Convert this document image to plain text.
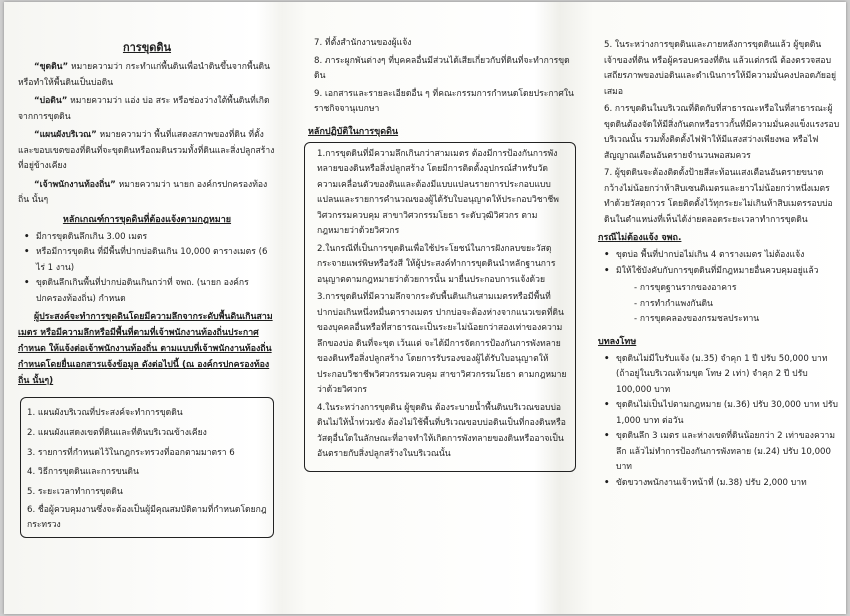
การขุดดิน

“ขุดดิน” หมายความว่า กระทำแก่พื้นดินเพื่อนำดินขึ้นจากพื้นดิน หรือทำให้พื้นดินเป็นบ่อดิน

“บ่อดิน” หมายความว่า แอ่ง บ่อ สระ หรือช่องว่างใต้พื้นดินที่เกิดจากการขุดดิน

“แผนผังบริเวณ” หมายความว่า พื้นที่แสดงสภาพของที่ดิน ที่ตั้ง และขอบเขตของที่ดินที่จะขุดดินหรือถมดินรวมทั้งที่ดินและสิ่งปลูกสร้างที่อยู่ข้างเคียง

“เจ้าพนักงานท้องถิ่น” หมายความว่า นายก องค์กรปกครองท้องถิ่น นั้นๆ

หลักเกณฑ์การขุดดินที่ต้องแจ้งตามกฎหมาย
• มีการขุดดินลึกเกิน 3.00 เมตร
• หรือมีการขุดดิน ที่มีพื้นที่ปากบ่อดินเกิน 10,000 ตารางเมตร (6 ไร่ 1 งาน)
• ขุดดินลึกเกินพื้นที่ปากบ่อดินเกินกว่าที่ จพถ. (นายก องค์กรปกครองท้องถิ่น) กำหนด

ผู้ประสงค์จะทำการขุดดินโดยมีความลึกจากระดับพื้นดินเกินสามเมตร หรือมีความลึกหรือมีพื้นที่ตามที่เจ้าพนักงานท้องถิ่นประกาศกำหนด ให้แจ้งต่อเจ้าพนักงานท้องถิ่น ตามแบบที่เจ้าพนักงานท้องถิ่นกำหนดโดยยื่นเอกสารแจ้งข้อมูล ดังต่อไปนี้ (ณ องค์กรปกครองท้องถิ่น นั้นๆ)

1. แผนผังบริเวณที่ประสงค์จะทำการขุดดิน
2. แผนผังแสดงเขตที่ดินและที่ดินบริเวณข้างเคียง
3. รายการที่กำหนดไว้ในกฎกระทรวงที่ออกตามมาตรา 6
4. วิธีการขุดดินและการขนดิน
5. ระยะเวลาทำการขุดดิน
6. ชื่อผู้ควบคุมงานซึ่งจะต้องเป็นผู้มีคุณสมบัติตามที่กำหนดโดยกฎกระทรวง
7. ที่ตั้งสำนักงานของผู้แจ้ง
8. ภาระผูกพันต่างๆ ที่บุคคลอื่นมีส่วนได้เสียเกี่ยวกับที่ดินที่จะทำการขุดดิน
9. เอกสารและรายละเอียดอื่น ๆ ที่คณะกรรมการกำหนดโดยประกาศในราชกิจจานุเบกษา
หลักปฏิบัติในการขุดดิน
1.การขุดดินที่มีความลึกเกินกว่าสามเมตร ต้องมีการป้องกันการพังทลายของดินหรือสิ่งปลูกสร้าง โดยมีการติดตั้งอุปกรณ์สำหรับวัดความเคลื่อนตัวของดินและต้องมีแบบแปลนรายการประกอบแบบแปลนและรายการคำนวณของผู้ได้รับใบอนุญาตให้ประกอบวิชาชีพวิศวกรรมควบคุม สาขาวิศวกรรมโยธา ระดับวุฒิวิศวกร ตามกฎหมายว่าด้วยวิศวกร
2.ในกรณีที่เป็นการขุดดินเพื่อใช้ประโยชน์ในการฝังกลบขยะวัสดุกระจายแพร่พิษหรือรังสี ให้ผู้ประสงค์ทำการขุดดินนำหลักฐานการอนุญาตตามกฎหมายว่าด้วยการนั้น มายื่นประกอบการแจ้งด้วย
3.การขุดดินที่มีความลึกจากระดับพื้นดินเกินสามเมตรหรือมีพื้นที่ปากบ่อเกินหนึ่งหมื่นตารางเมตร ปากบ่อจะต้องห่างจากแนวเขตที่ดินของบุคคลอื่นหรือที่สาธารณะเป็นระยะไม่น้อยกว่าสองเท่าของความลึกของบ่อ ดินที่จะขุด เว้นแต่ จะได้มีการจัดการป้องกันการพังทลายของดินหรือสิ่งปลูกสร้าง โดยการรับรองของผู้ได้รับใบอนุญาตให้ประกอบวิชาชีพวิศวกรรมควบคุม สาขาวิศวกรรมโยธา ตามกฎหมายว่าด้วยวิศวกร
4.ในระหว่างการขุดดิน ผู้ขุดดิน ต้องระบายน้ำพื้นดินบริเวณขอบบ่อดินไม่ให้น้ำท่วมขัง ต้องไม่ใช้พื้นที่บริเวณขอบบ่อดินเป็นที่กองดินหรือวัสดุอื่นใดในลักษณะที่อาจทำให้เกิดการพังทลายของดินหรืออาจเป็นอันตรายกับสิ่งปลูกสร้างในบริเวณนั้น
5. ในระหว่างการขุดดินและภายหลังการขุดดินแล้ว ผู้ขุดดินเจ้าของที่ดิน หรือผู้ครอบครองที่ดิน แล้วแต่กรณี ต้องตรวจสอบเสถียรภาพของบ่อดินและดำเนินการให้มีความมั่นคงปลอดภัยอยู่เสมอ
6. การขุดดินในบริเวณที่ติดกับที่สาธารณะหรือในที่สาธารณะผู้ขุดดินต้องจัดให้มีสิ่งกันตกหรือราวกั้นที่มีความมั่นคงแข็งแรงรอบบริเวณนั้น รวมทั้งติดตั้งไฟฟ้าให้มีแสงสว่างเพียงพอ หรือไฟสัญญาณเตือนอันตรายจำนวนพอสมควร
7. ผู้ขุดดินจะต้องติดตั้งป้ายสีสะท้อนแสงเตือนอันตรายขนาดกว้างไม่น้อยกว่าห้าสิบเซนติเมตรและยาวไม่น้อยกว่าหนึ่งเมตรทำด้วยวัสดุถาวร โดยติดตั้งไว้ทุกระยะไม่เกินห้าสิบเมตรรอบบ่อดินในตำแหน่งที่เห็นได้ง่ายตลอดระยะเวลาทำการขุดดิน
กรณีไม่ต้องแจ้ง จพถ.
• ขุดบ่อ พื้นที่ปากบ่อไม่เกิน 4 ตารางเมตร ไม่ต้องแจ้ง
• มิให้ใช้บังคับกับการขุดดินที่มีกฎหมายอื่นควบคุมอยู่แล้ว
- การขุดฐานรากของอาคาร
- การทำกำแพงกันดิน
- การขุดคลองของกรมชลประทาน
บทลงโทษ
• ขุดดินไม่มีใบรับแจ้ง (ม.35) จำคุก 1 ปี ปรับ 50,000 บาท (ถ้าอยู่ในบริเวณห้ามขุด โทษ 2 เท่า) จำคุก 2 ปี ปรับ 100,000 บาท
• ขุดดินไม่เป็นไปตามกฎหมาย (ม.36) ปรับ 30,000 บาท ปรับ 1,000 บาท ต่อวัน
• ขุดดินลึก 3 เมตร และห่างเขตที่ดินน้อยกว่า 2 เท่าของความลึก แล้วไม่ทำการป้องกันการพังทลาย (ม.24) ปรับ 10,000 บาท
• ขัดขวางพนักงานเจ้าหน้าที่ (ม.38) ปรับ 2,000 บาท
